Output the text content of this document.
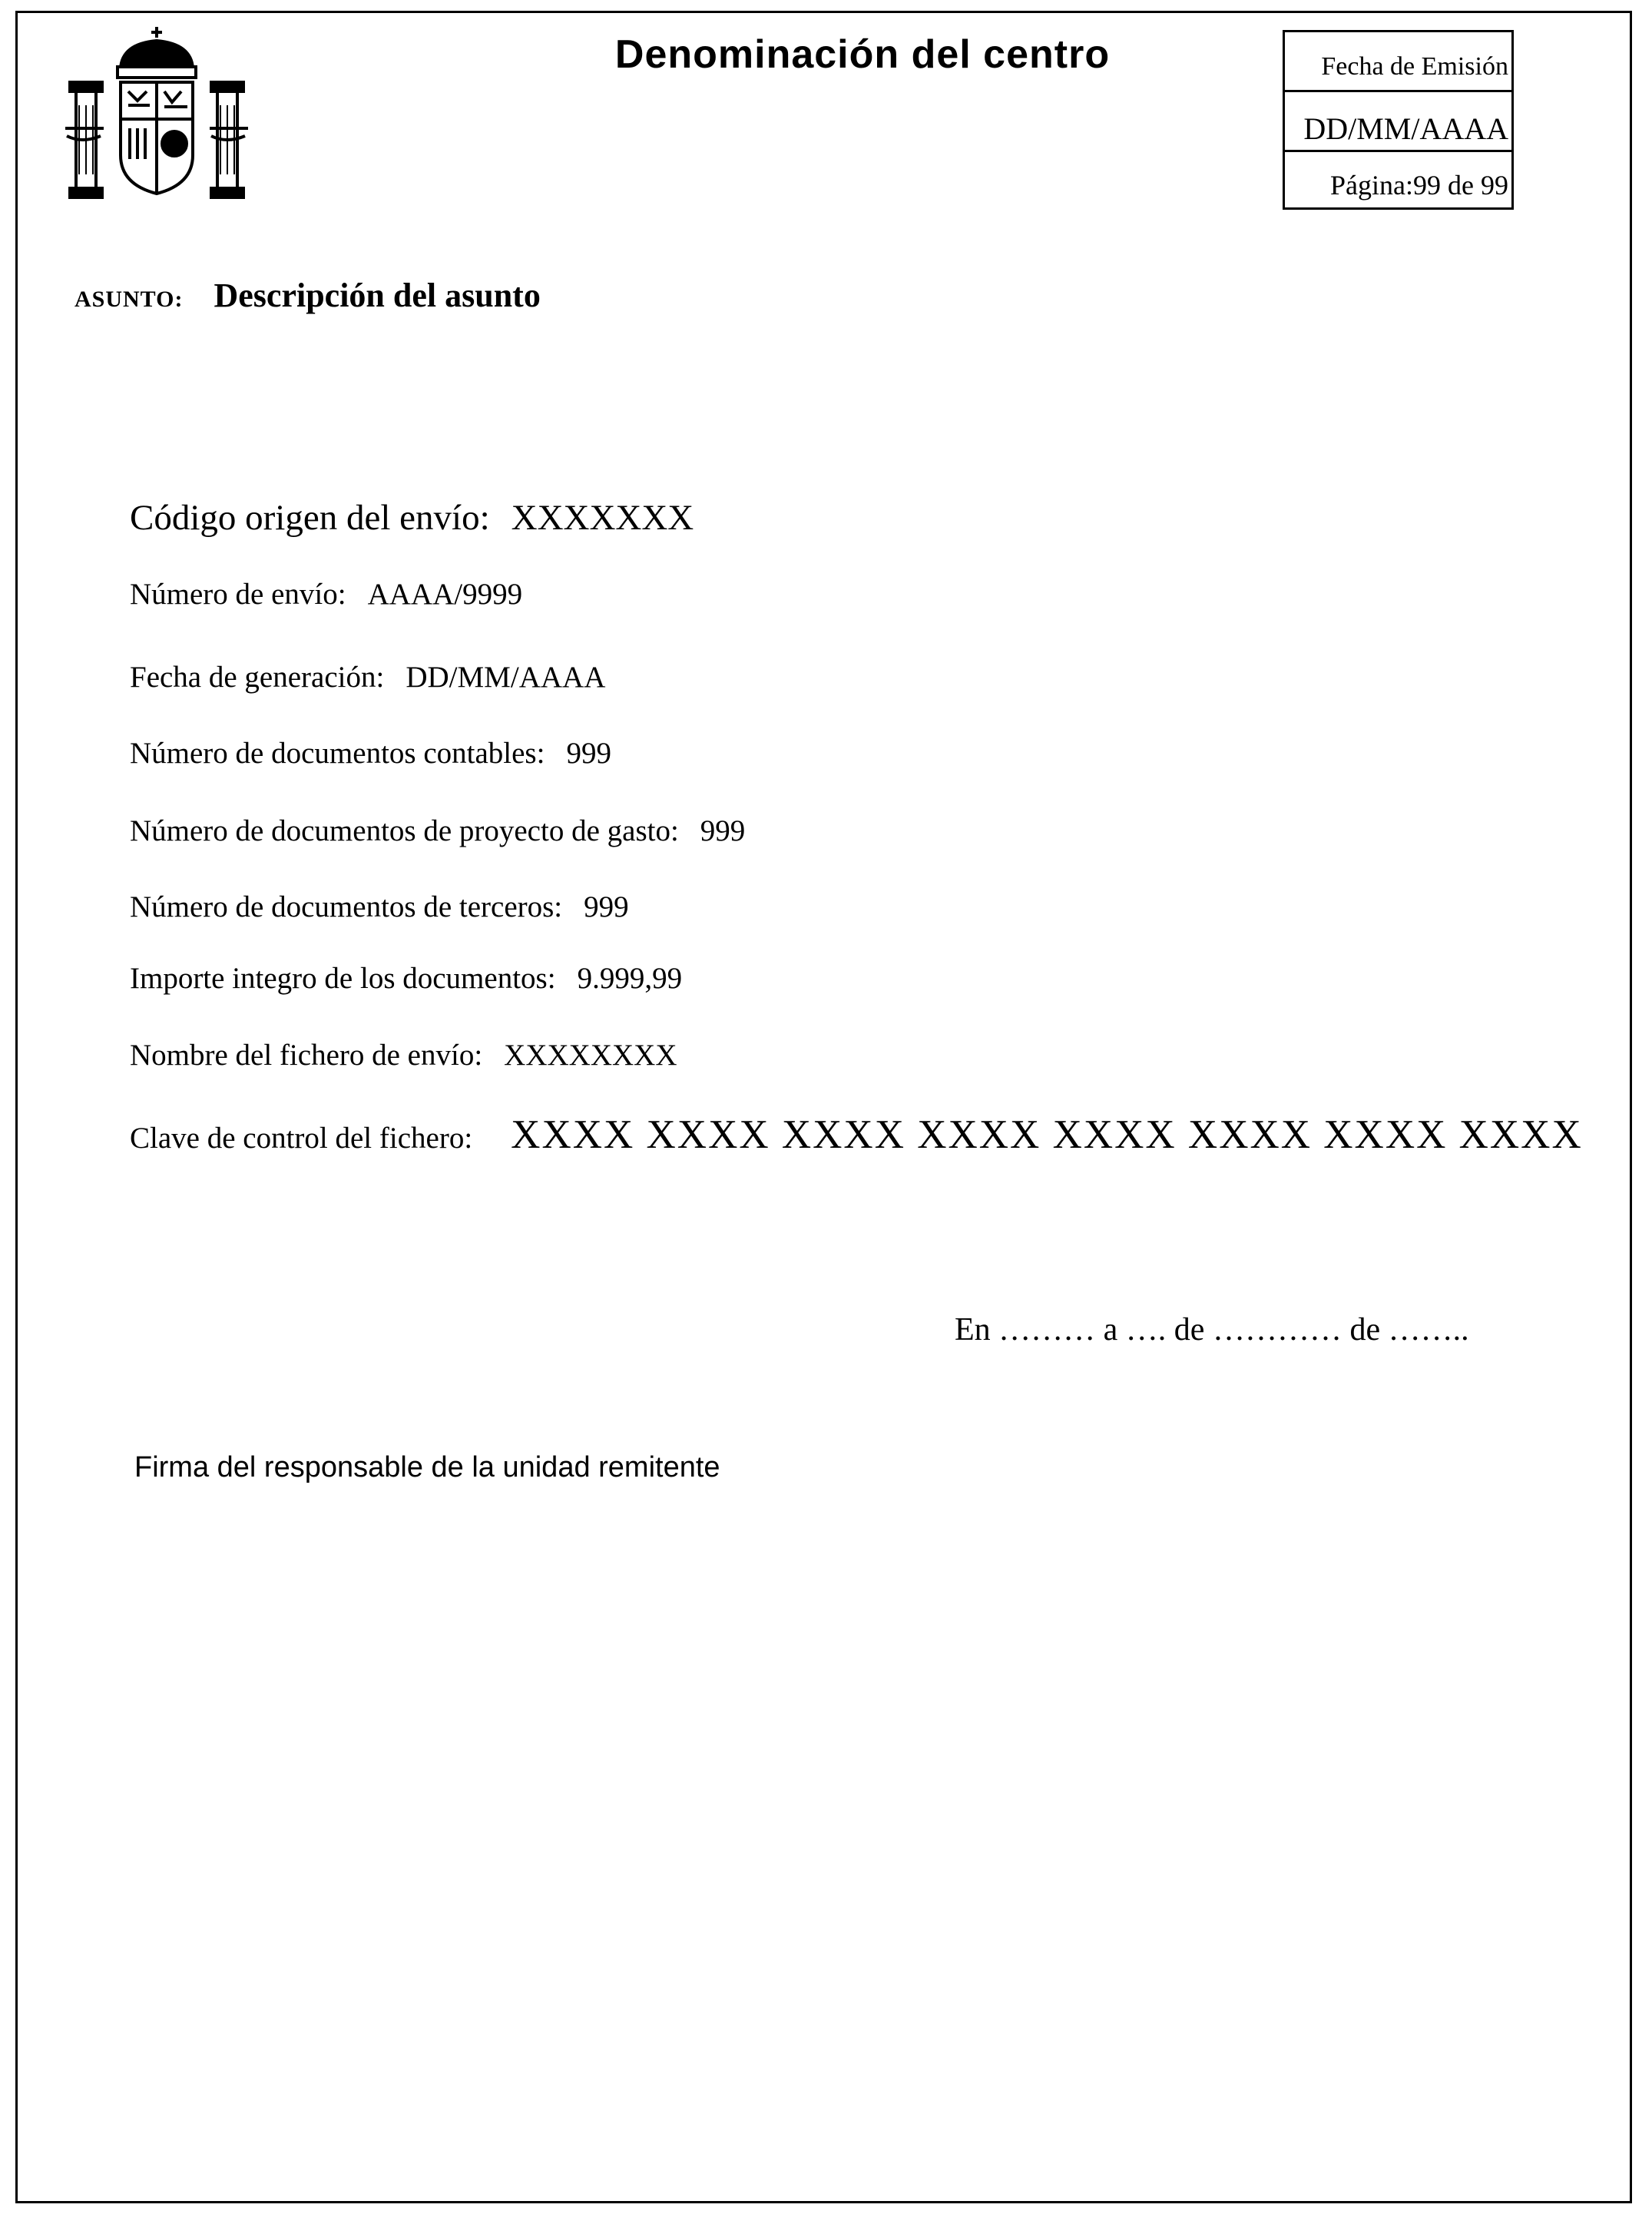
Denominación del centro	Fecha de Emisión
DD/MM/AAAA
Página:99 de 99
ASUNTO: Descripción del asunto
Código origen del envío: XXXXXXX
Número de envío: AAAA/9999
Fecha de generación: DD/MM/AAAA
Número de documentos contables: 999
Número de documentos de proyecto de gasto: 999
Número de documentos de terceros: 999
Importe integro de los documentos: 9.999,99
Nombre del fichero de envío: XXXXXXXX
Clave de control del fichero: XXXX XXXX XXXX XXXX XXXX XXXX XXXX XXXX
En ……… a …. de ………… de ……..
Firma del responsable de la unidad remitente
